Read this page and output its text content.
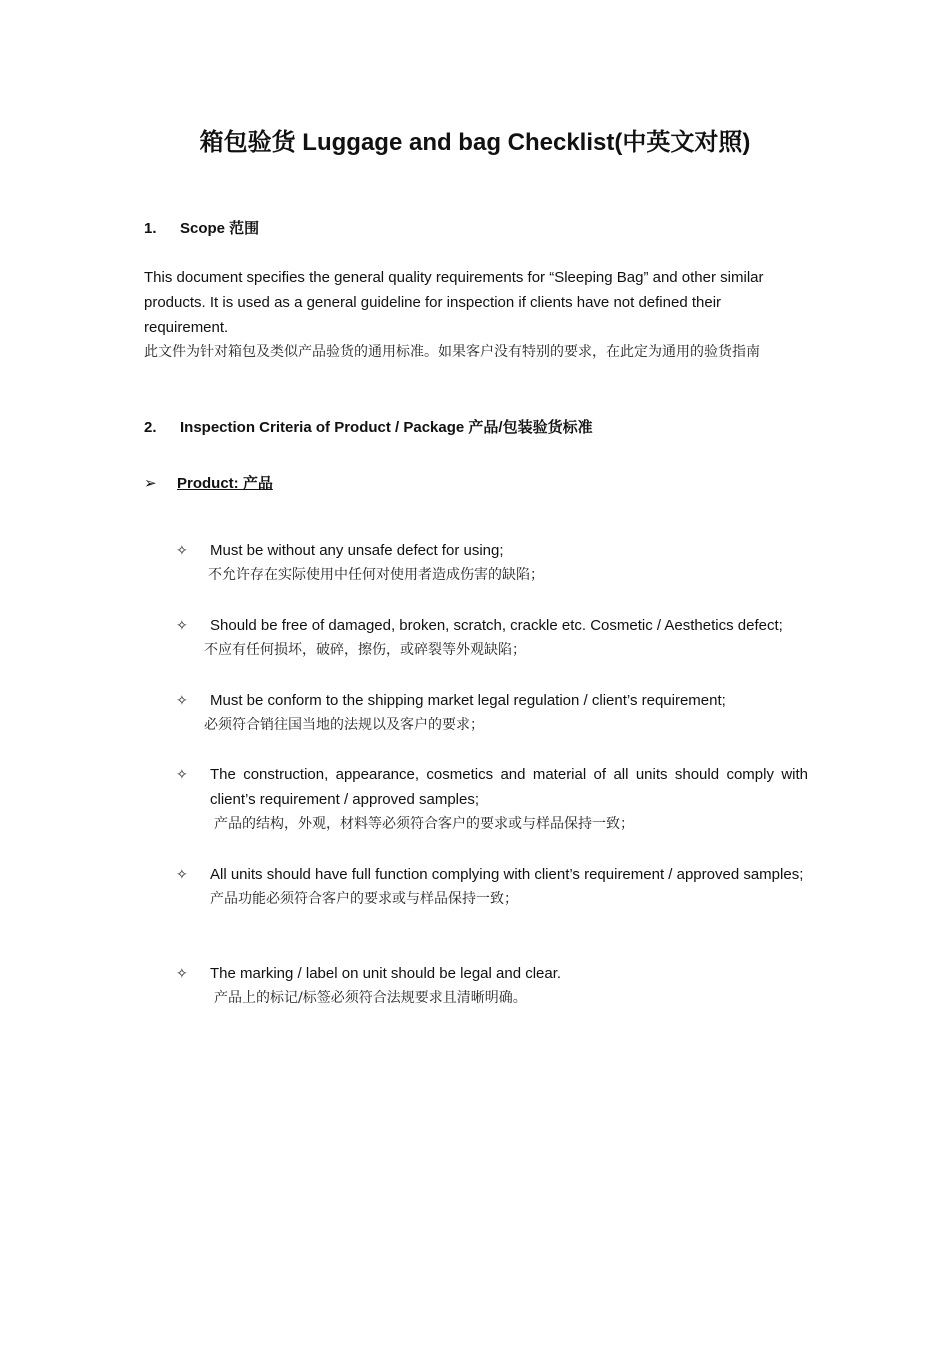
箱包验货 Luggage and bag Checklist(中英文对照)
1. Scope 范围
This document specifies the general quality requirements for “Sleeping Bag” and other similar products. It is used as a general guideline for inspection if clients have not defined their requirement.
此文件为针对箱包及类似产品验货的通用标准。如果客户没有特别的要求，在此定为通用的验货指南
2. Inspection Criteria of Product / Package 产品/包装验货标准
➢ Product: 产品
✧	Must be without any unsafe defect for using;
不允许存在实际使用中任何对使用者造成伤害的缺陷；
✧	Should be free of damaged, broken, scratch, crackle etc. Cosmetic / Aesthetics defect;
不应有任何损坏，破碎，擦伤，或碎裂等外观缺陷；
✧	Must be conform to the shipping market legal regulation / client’s requirement;
必须符合销往国当地的法规以及客户的要求；
✧	The construction, appearance, cosmetics and material of all units should comply with client’s requirement / approved samples;
产品的结构，外观，材料等必须符合客户的要求或与样品保持一致；
✧	All units should have full function complying with client’s requirement / approved samples;
产品功能必须符合客户的要求或与样品保持一致；
✧	The marking / label on unit should be legal and clear.
产品上的标记/标签必须符合法规要求且清晰明确。
